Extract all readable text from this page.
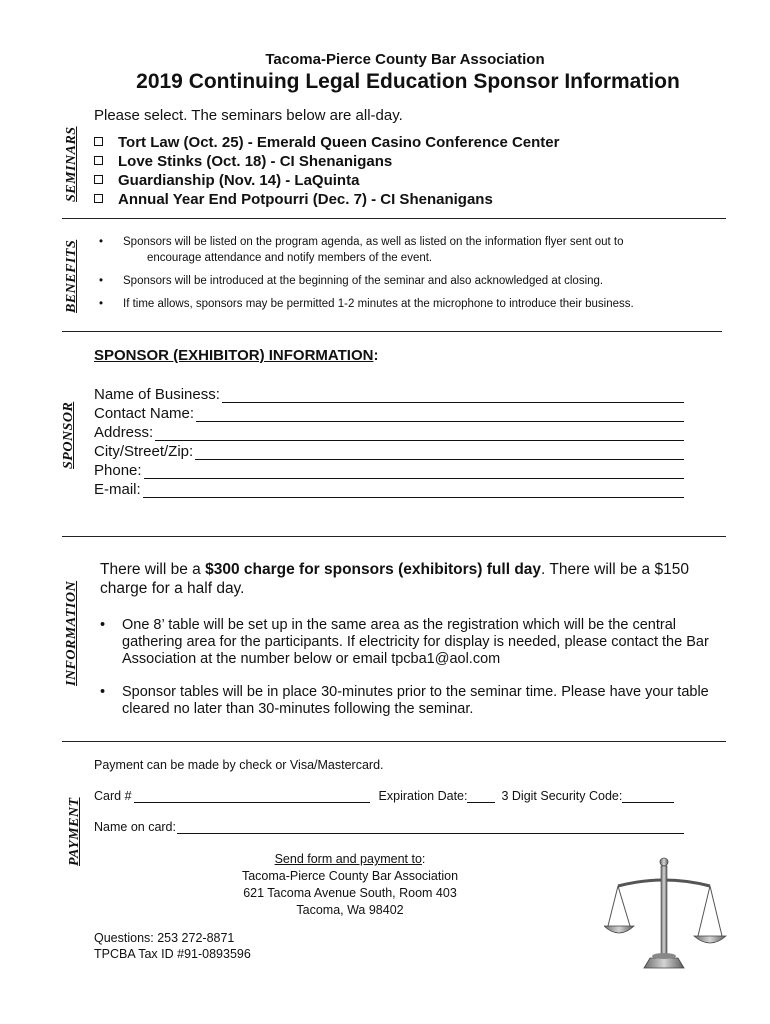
Tacoma-Pierce County Bar Association
2019 Continuing Legal Education Sponsor Information
SEMINARS
BENEFITS
SPONSOR
INFORMATION
PAYMENT
Please select. The seminars below are all-day.
Tort Law (Oct. 25) - Emerald Queen Casino Conference Center
Love Stinks (Oct. 18) - CI Shenanigans
Guardianship (Nov. 14) - LaQuinta
Annual Year End Potpourri (Dec. 7) - CI Shenanigans
• Sponsors will be listed on the program agenda, as well as listed on the information flyer sent out to
encourage attendance and notify members of the event.
• Sponsors will be introduced at the beginning of the seminar and also acknowledged at closing.
• If time allows, sponsors may be permitted 1-2 minutes at the microphone to introduce their business.
SPONSOR (EXHIBITOR) INFORMATION:
Name of Business:
Contact Name:
Address:
City/Street/Zip:
Phone:
E-mail:
There will be a $300 charge for sponsors (exhibitors) full day. There will be a $150 charge for a half day.
• One 8’ table will be set up in the same area as the registration which will be the central gathering area for the participants. If electricity for display is needed, please contact the Bar Association at the number below or email tpcba1@aol.com
• Sponsor tables will be in place 30-minutes prior to the seminar time. Please have your table cleared no later than 30-minutes following the seminar.
Payment can be made by check or Visa/Mastercard.
Card #	Expiration Date:	3 Digit Security Code:
Name on card:
Send form and payment to:
Tacoma-Pierce County Bar Association
621 Tacoma Avenue South, Room 403
Tacoma, Wa 98402
Questions: 253 272-8871
TPCBA Tax ID #91-0893596
